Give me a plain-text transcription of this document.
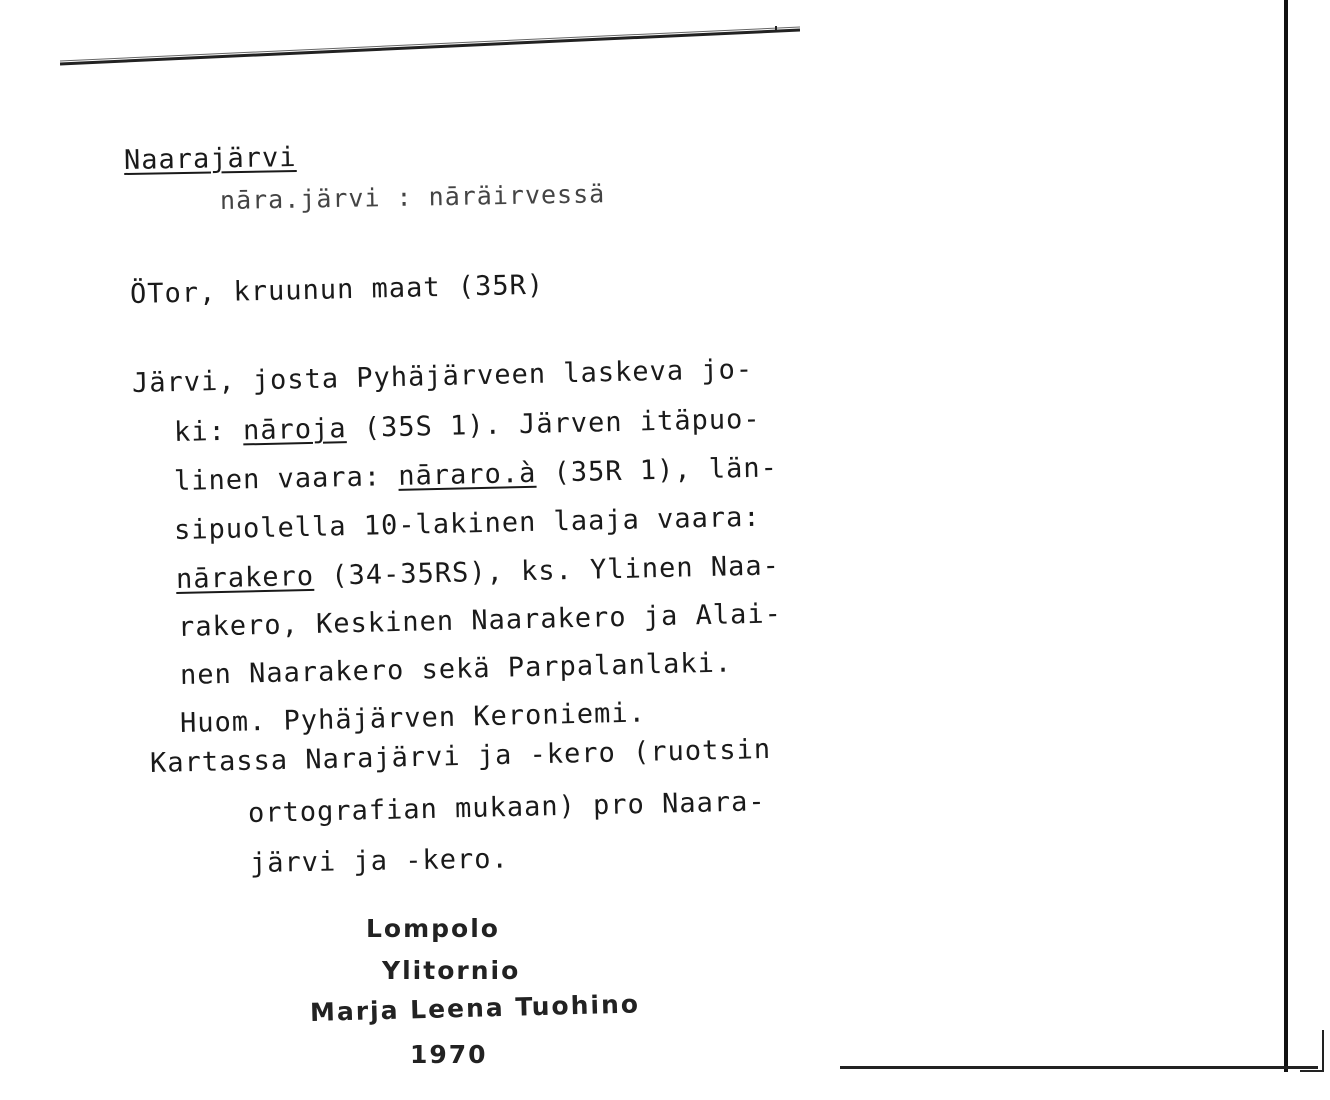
Naarajärvi
nāra.järvi : nāräirvessä
ÖTor, kruunun maat (35R)
Järvi, josta Pyhäjärveen laskeva jo-
ki: nāroja (35S 1). Järven itäpuo-
linen vaara: nāraro.à (35R 1), län-
sipuolella 10-lakinen laaja vaara:
nārakero (34-35RS), ks. Ylinen Naa-
rakero, Keskinen Naarakero ja Alai-
nen Naarakero sekä Parpalanlaki.
Huom. Pyhäjärven Keroniemi.
Kartassa Narajärvi ja -kero (ruotsin
ortografian mukaan) pro Naara-
järvi ja -kero.
Lompolo
Ylitornio
Marja Leena Tuohino
1970
